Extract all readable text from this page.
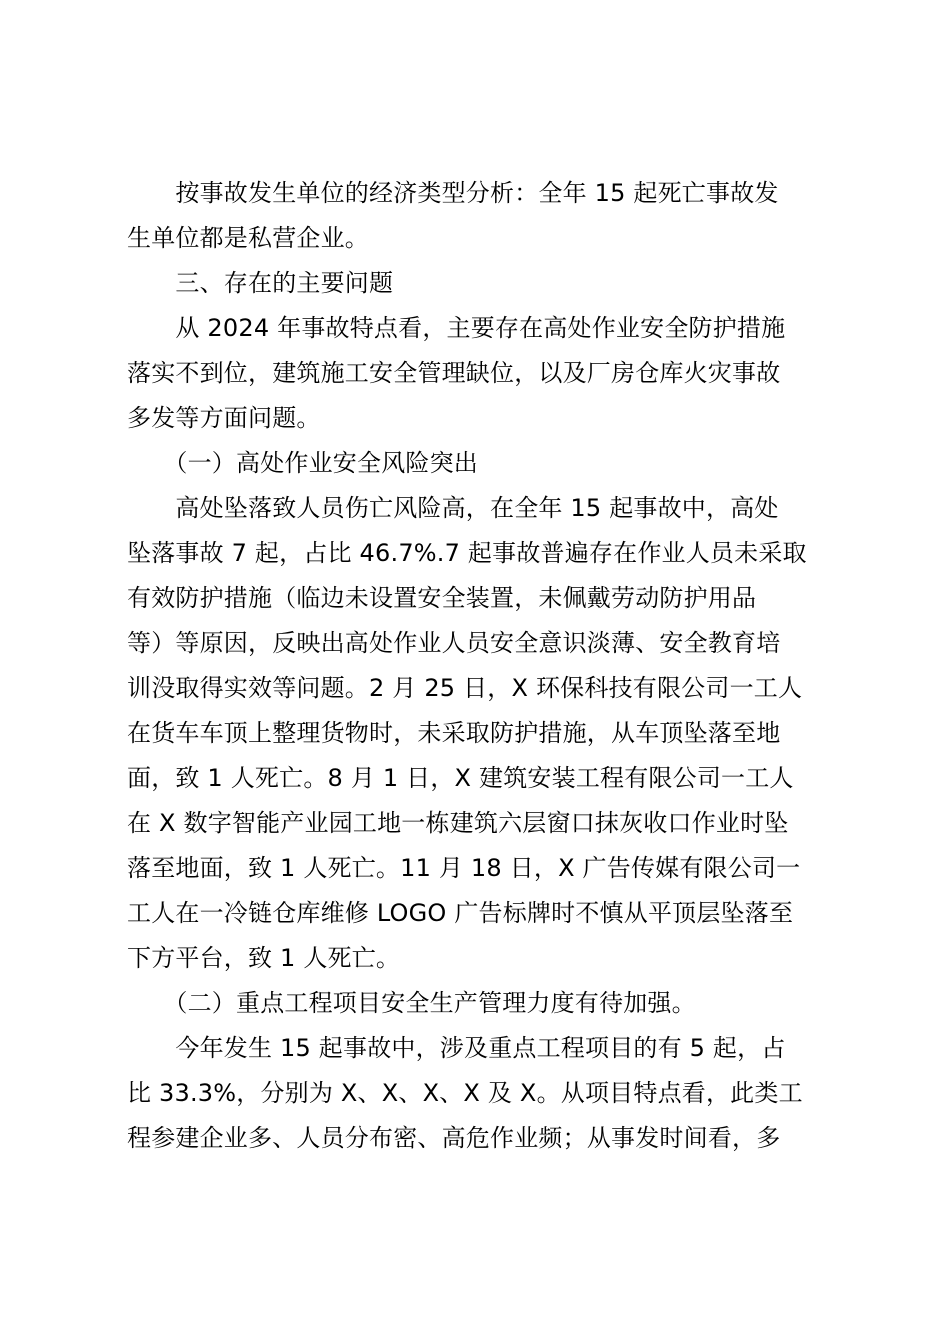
　　按事故发生单位的经济类型分析：全年 15 起死亡事故发
生单位都是私营企业。
　　三、存在的主要问题
　　从 2024 年事故特点看，主要存在高处作业安全防护措施
落实不到位，建筑施工安全管理缺位，以及厂房仓库火灾事故
多发等方面问题。
　　（一）高处作业安全风险突出
　　高处坠落致人员伤亡风险高，在全年 15 起事故中，高处
坠落事故 7 起，占比 46.7%.7 起事故普遍存在作业人员未采取
有效防护措施（临边未设置安全装置，未佩戴劳动防护用品
等）等原因，反映出高处作业人员安全意识淡薄、安全教育培
训没取得实效等问题。2 月 25 日，X 环保科技有限公司一工人
在货车车顶上整理货物时，未采取防护措施，从车顶坠落至地
面，致 1 人死亡。8 月 1 日，X 建筑安装工程有限公司一工人
在 X 数字智能产业园工地一栋建筑六层窗口抹灰收口作业时坠
落至地面，致 1 人死亡。11 月 18 日，X 广告传媒有限公司一
工人在一冷链仓库维修 LOGO 广告标牌时不慎从平顶层坠落至
下方平台，致 1 人死亡。
　　（二）重点工程项目安全生产管理力度有待加强。
　　今年发生 15 起事故中，涉及重点工程项目的有 5 起，占
比 33.3%，分别为 X、X、X、X 及 X。从项目特点看，此类工
程参建企业多、人员分布密、高危作业频；从事发时间看，多
